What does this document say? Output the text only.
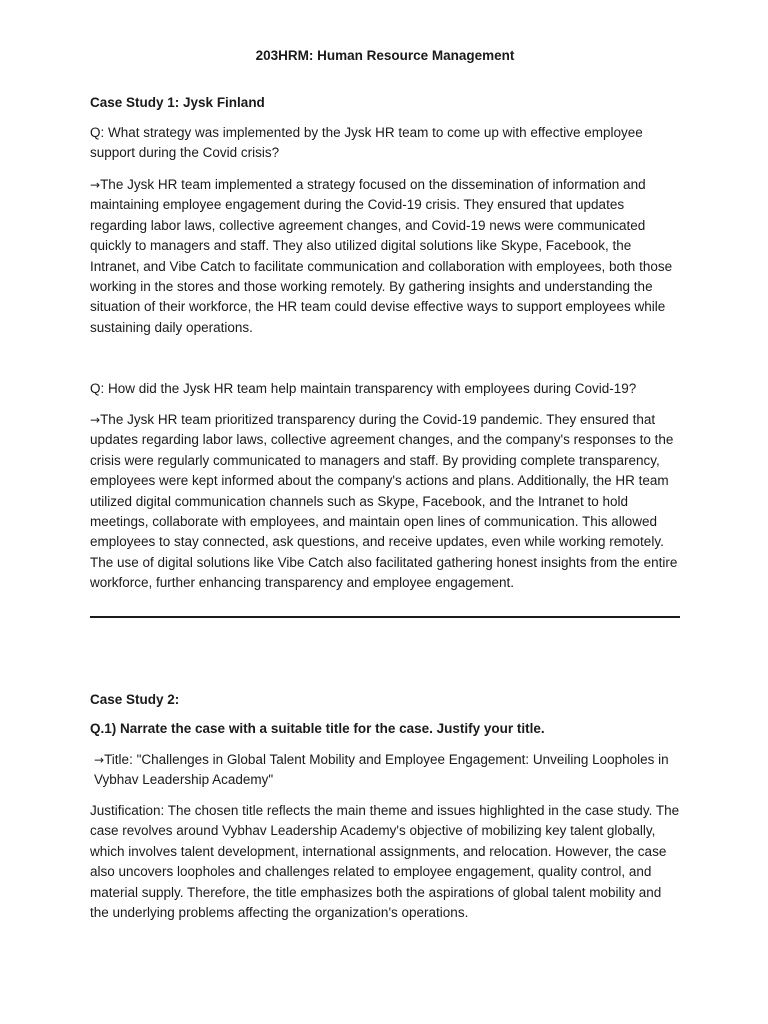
203HRM: Human Resource Management

Case Study 1: Jysk Finland

Q: What strategy was implemented by the Jysk HR team to come up with effective employee support during the Covid crisis?

→The Jysk HR team implemented a strategy focused on the dissemination of information and maintaining employee engagement during the Covid-19 crisis. They ensured that updates regarding labor laws, collective agreement changes, and Covid-19 news were communicated quickly to managers and staff. They also utilized digital solutions like Skype, Facebook, the Intranet, and Vibe Catch to facilitate communication and collaboration with employees, both those working in the stores and those working remotely. By gathering insights and understanding the situation of their workforce, the HR team could devise effective ways to support employees while sustaining daily operations.

Q: How did the Jysk HR team help maintain transparency with employees during Covid-19?

→The Jysk HR team prioritized transparency during the Covid-19 pandemic. They ensured that updates regarding labor laws, collective agreement changes, and the company's responses to the crisis were regularly communicated to managers and staff. By providing complete transparency, employees were kept informed about the company's actions and plans. Additionally, the HR team utilized digital communication channels such as Skype, Facebook, and the Intranet to hold meetings, collaborate with employees, and maintain open lines of communication. This allowed employees to stay connected, ask questions, and receive updates, even while working remotely. The use of digital solutions like Vibe Catch also facilitated gathering honest insights from the entire workforce, further enhancing transparency and employee engagement.

Case Study 2:

Q.1) Narrate the case with a suitable title for the case. Justify your title.

→Title: "Challenges in Global Talent Mobility and Employee Engagement: Unveiling Loopholes in Vybhav Leadership Academy"

Justification: The chosen title reflects the main theme and issues highlighted in the case study. The case revolves around Vybhav Leadership Academy's objective of mobilizing key talent globally, which involves talent development, international assignments, and relocation. However, the case also uncovers loopholes and challenges related to employee engagement, quality control, and material supply. Therefore, the title emphasizes both the aspirations of global talent mobility and the underlying problems affecting the organization's operations.
